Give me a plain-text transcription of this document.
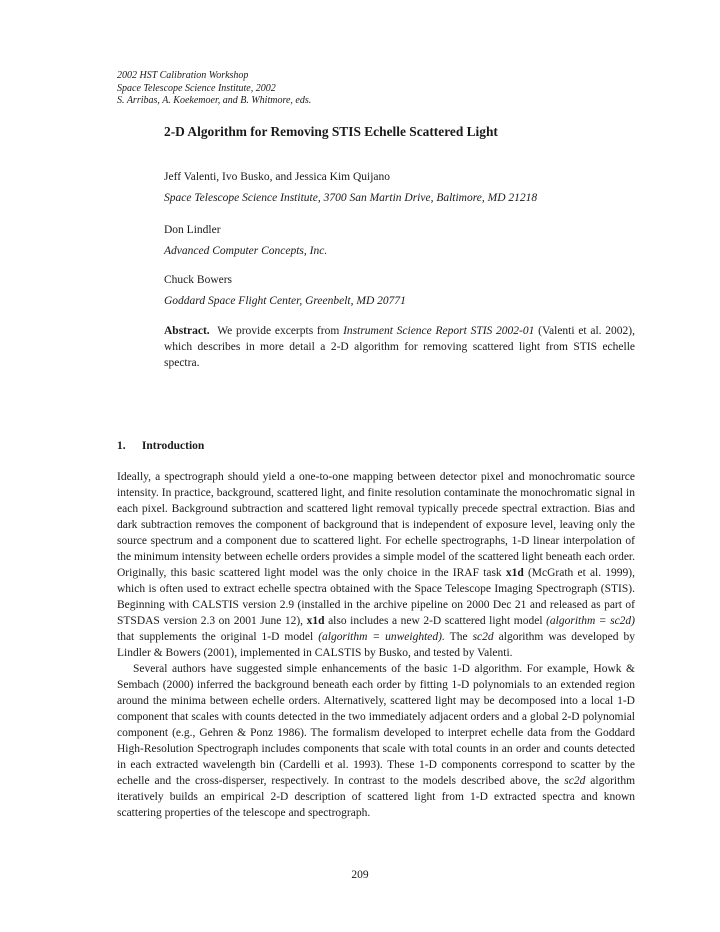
2002 HST Calibration Workshop
Space Telescope Science Institute, 2002
S. Arribas, A. Koekemoer, and B. Whitmore, eds.
2-D Algorithm for Removing STIS Echelle Scattered Light
Jeff Valenti, Ivo Busko, and Jessica Kim Quijano
Space Telescope Science Institute, 3700 San Martin Drive, Baltimore, MD 21218
Don Lindler
Advanced Computer Concepts, Inc.
Chuck Bowers
Goddard Space Flight Center, Greenbelt, MD 20771
Abstract. We provide excerpts from Instrument Science Report STIS 2002-01 (Valenti et al. 2002), which describes in more detail a 2-D algorithm for removing scattered light from STIS echelle spectra.
1. Introduction

Ideally, a spectrograph should yield a one-to-one mapping between detector pixel and monochromatic source intensity. In practice, background, scattered light, and finite resolution contaminate the monochromatic signal in each pixel. Background subtraction and scattered light removal typically precede spectral extraction. Bias and dark subtraction removes the component of background that is independent of exposure level, leaving only the source spectrum and a component due to scattered light. For echelle spectrographs, 1-D linear interpolation of the minimum intensity between echelle orders provides a simple model of the scattered light beneath each order. Originally, this basic scattered light model was the only choice in the IRAF task x1d (McGrath et al. 1999), which is often used to extract echelle spectra obtained with the Space Telescope Imaging Spectrograph (STIS). Beginning with CALSTIS version 2.9 (installed in the archive pipeline on 2000 Dec 21 and released as part of STSDAS version 2.3 on 2001 June 12), x1d also includes a new 2-D scattered light model (algorithm = sc2d) that supplements the original 1-D model (algorithm = unweighted). The sc2d algorithm was developed by Lindler & Bowers (2001), implemented in CALSTIS by Busko, and tested by Valenti.

Several authors have suggested simple enhancements of the basic 1-D algorithm. For example, Howk & Sembach (2000) inferred the background beneath each order by fitting 1-D polynomials to an extended region around the minima between echelle orders. Alternatively, scattered light may be decomposed into a local 1-D component that scales with counts detected in the two immediately adjacent orders and a global 2-D polynomial component (e.g., Gehren & Ponz 1986). The formalism developed to interpret echelle data from the Goddard High-Resolution Spectrograph includes components that scale with total counts in an order and counts detected in each extracted wavelength bin (Cardelli et al. 1993). These 1-D components correspond to scatter by the echelle and the cross-disperser, respectively. In contrast to the models described above, the sc2d algorithm iteratively builds an empirical 2-D description of scattered light from 1-D extracted spectra and known scattering properties of the telescope and spectrograph.

209
